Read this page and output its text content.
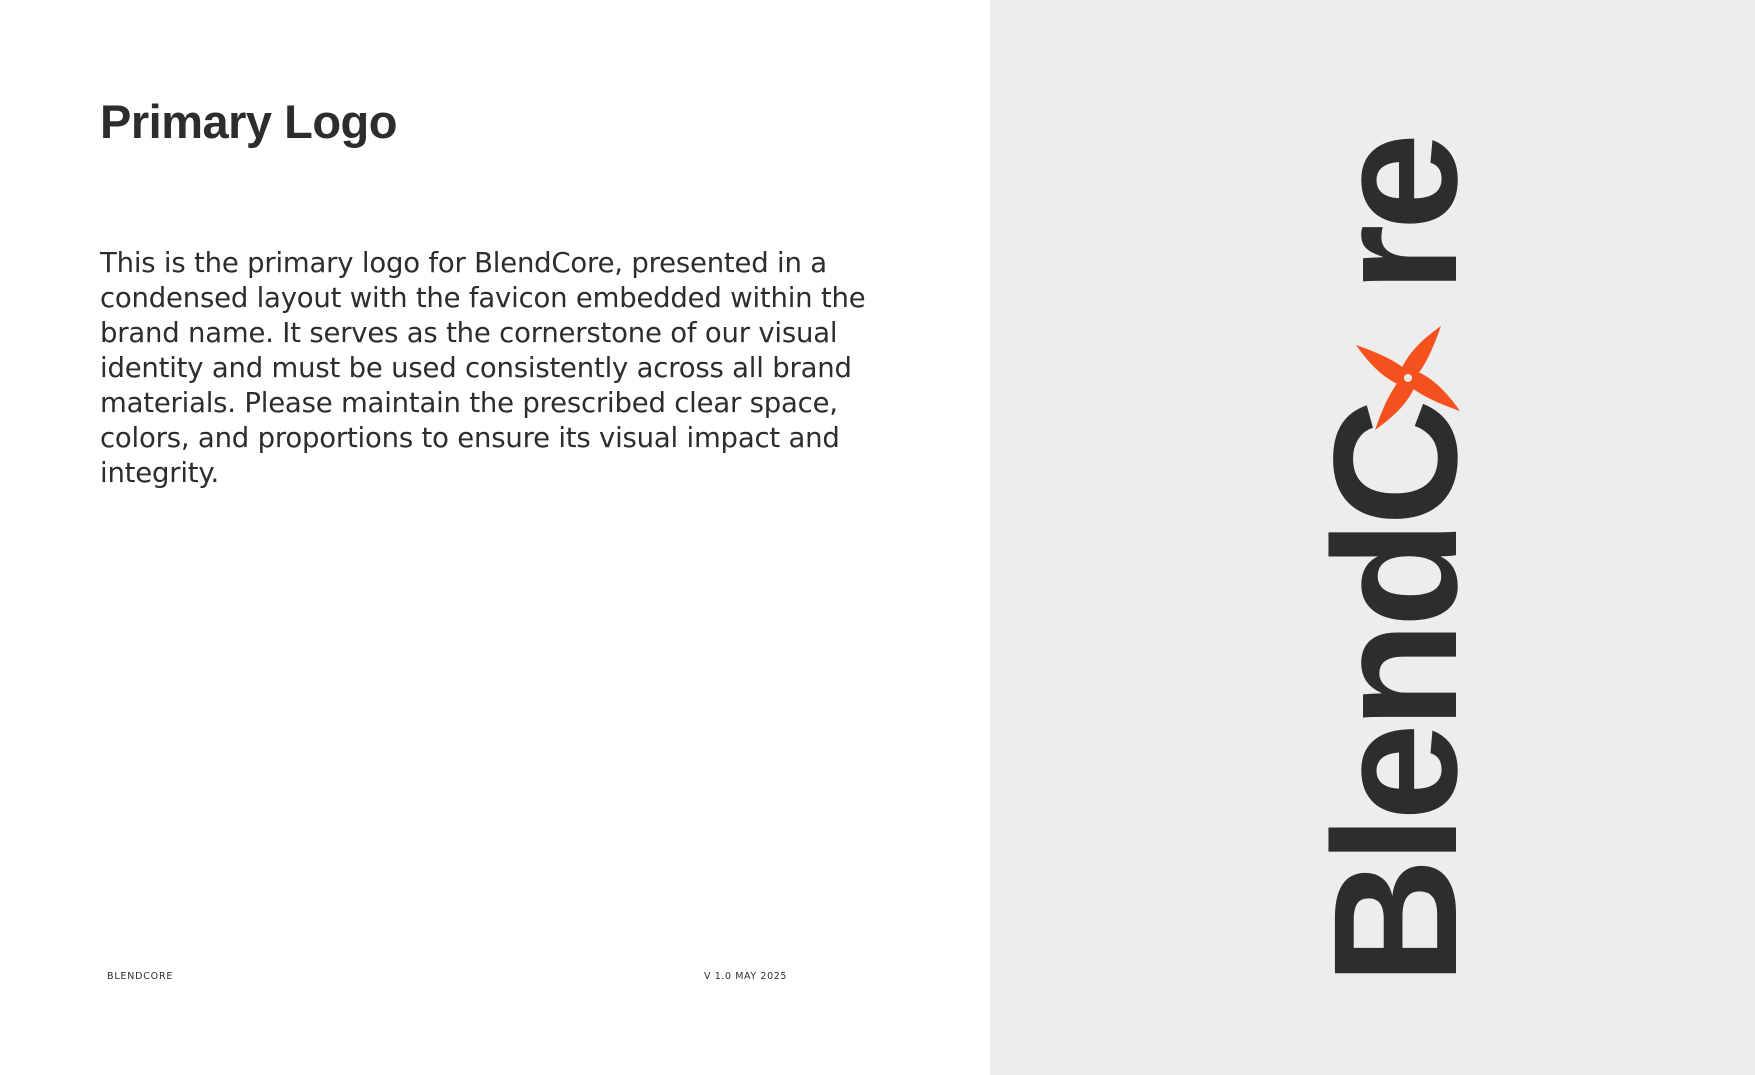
Primary Logo

This is the primary logo for BlendCore, presented in a condensed layout with the favicon embedded within the brand name. It serves as the cornerstone of our visual identity and must be used consistently across all brand materials. Please maintain the prescribed clear space, colors, and proportions to ensure its visual impact and integrity.

BLENDCORE	V 1.0 MAY 2025	BlendCre
